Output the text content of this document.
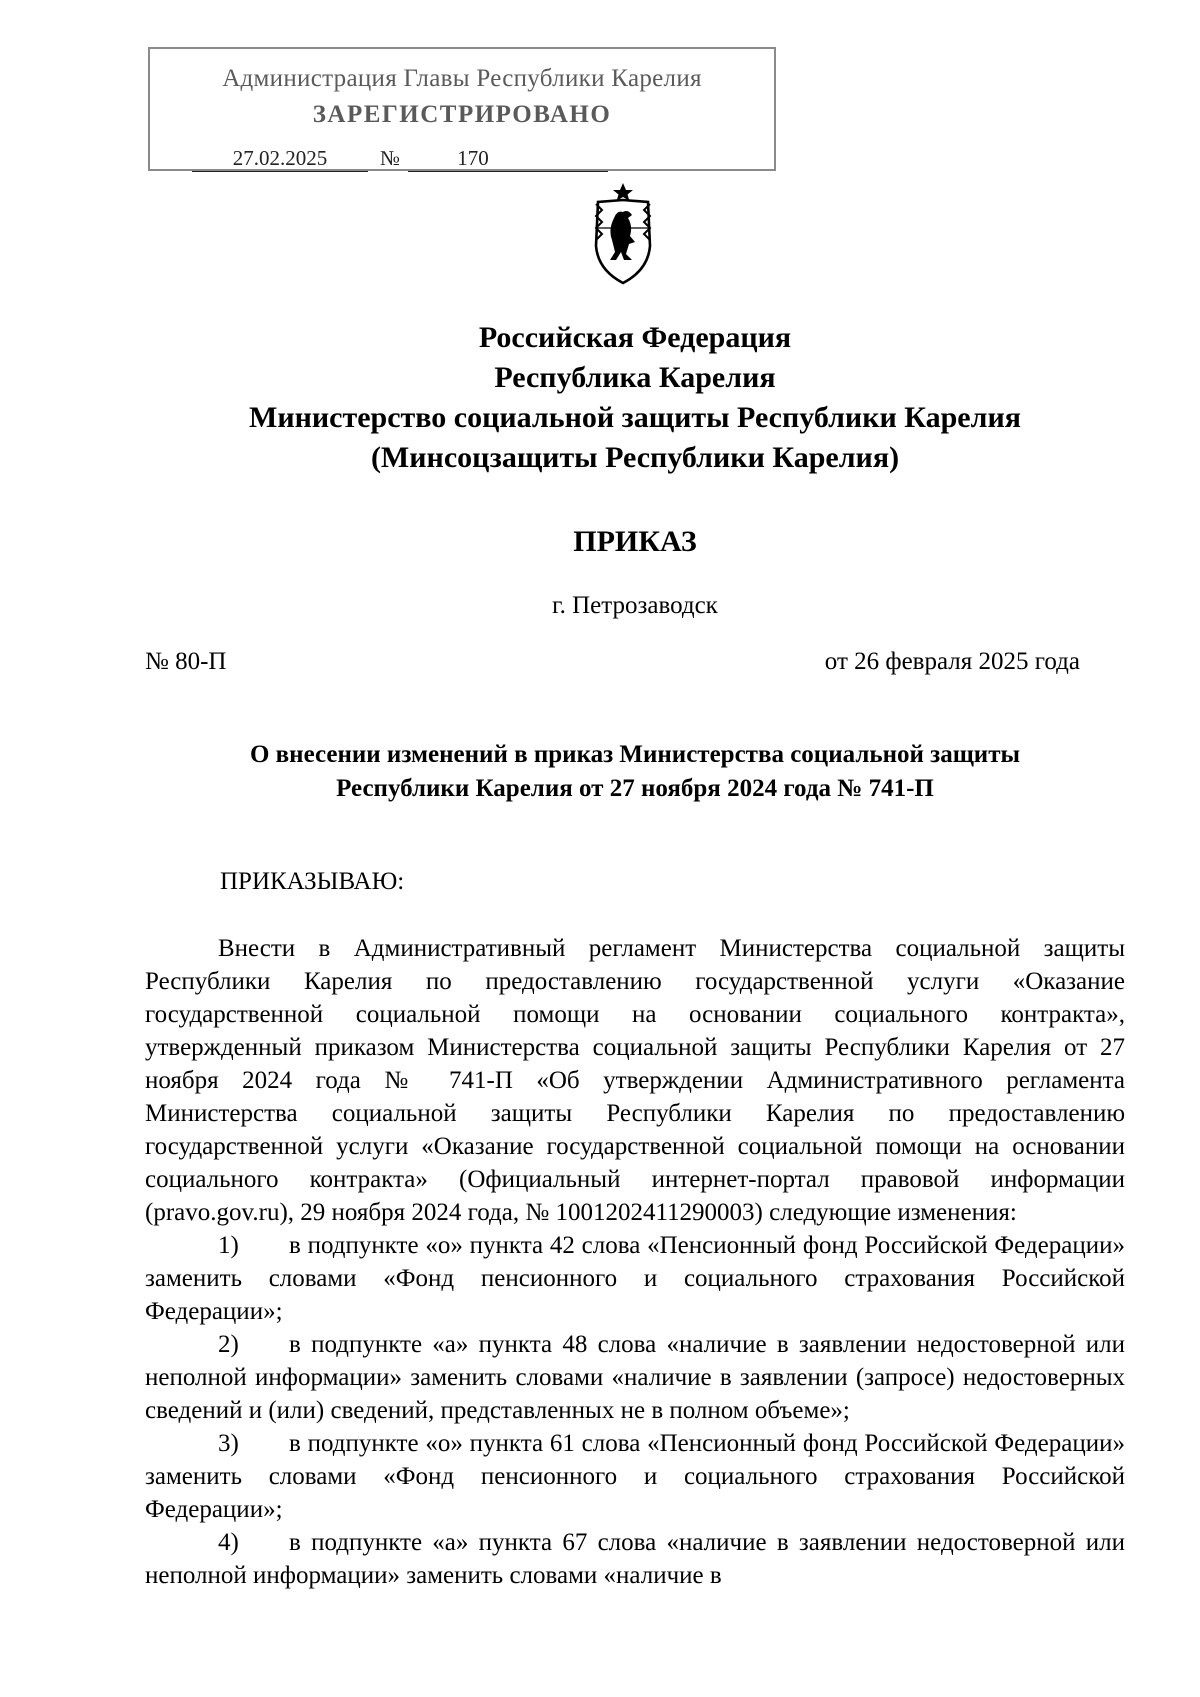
Администрация Главы Республики Карелия
ЗАРЕГИСТРИРОВАНО
27.02.2025	№	170
Российская Федерация
Республика Карелия
Министерство социальной защиты Республики Карелия
(Минсоцзащиты Республики Карелия)
ПРИКАЗ
г. Петрозаводск
№ 80-П	от 26 февраля 2025 года
О внесении изменений в приказ Министерства социальной защиты
Республики Карелия от 27 ноября 2024 года № 741-П
ПРИКАЗЫВАЮ:

Внести в Административный регламент Министерства социальной защиты Республики Карелия по предоставлению государственной услуги «Оказание государственной социальной помощи на основании социального контракта», утвержденный приказом Министерства социальной защиты Республики Карелия от 27 ноября 2024 года № 741-П «Об утверждении Административного регламента Министерства социальной защиты Республики Карелия по предоставлению государственной услуги «Оказание государственной социальной помощи на основании социального контракта» (Официальный интернет-портал правовой информации (pravo.gov.ru), 29 ноября 2024 года, № 1001202411290003) следующие изменения:

1) в подпункте «о» пункта 42 слова «Пенсионный фонд Российской Федерации» заменить словами «Фонд пенсионного и социального страхования Российской Федерации»;

2) в подпункте «а» пункта 48 слова «наличие в заявлении недостоверной или неполной информации» заменить словами «наличие в заявлении (запросе) недостоверных сведений и (или) сведений, представленных не в полном объеме»;

3) в подпункте «о» пункта 61 слова «Пенсионный фонд Российской Федерации» заменить словами «Фонд пенсионного и социального страхования Российской Федерации»;

4) в подпункте «а» пункта 67 слова «наличие в заявлении недостоверной или неполной информации» заменить словами «наличие в
